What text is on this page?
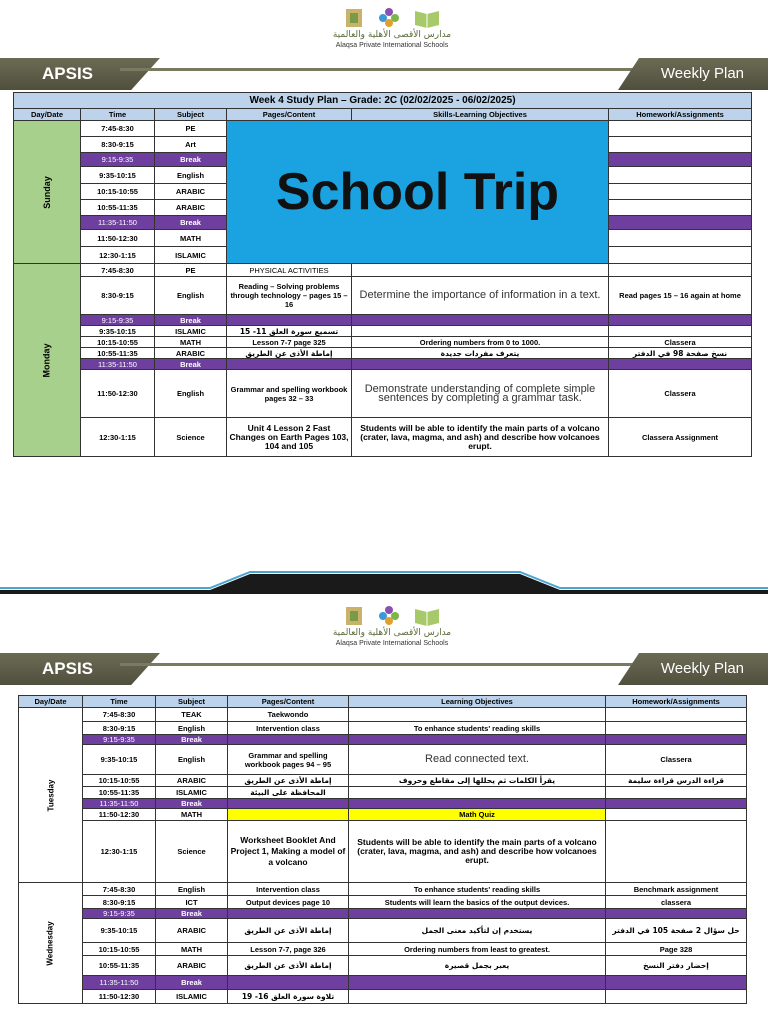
مدارس الأقصى الأهلية والعالمية
Alaqsa Private International Schools
APSIS	Weekly Plan
Week 4 Study Plan – Grade: 2C (02/02/2025 - 06/02/2025)					
Day/Date	Time	Subject	Pages/Content	Skills-Learning Objectives	Homework/Assignments
Sunday	7:45-8:30	PE	School Trip		
	8:30-9:15	Art			
	9:15-9:35	Break			
	9:35-10:15	English			
	10:15-10:55	ARABIC			
	10:55-11:35	ARABIC			
	11:35-11:50	Break			
	11:50-12:30	MATH			
	12:30-1:15	ISLAMIC			
Monday	7:45-8:30	PE	PHYSICAL ACTIVITIES		
	8:30-9:15	English	Reading – Solving problems through technology – pages 15 – 16	Determine the importance of information in a text.	Read pages 15 – 16 again at home
	9:15-9:35	Break			
	9:35-10:15	ISLAMIC	تسميع سورة العلق 11- 15		
	10:15-10:55	MATH	Lesson 7-7 page 325	Ordering numbers from 0 to 1000.	Classera
	10:55-11:35	ARABIC	إماطة الأذى عن الطريق	يتعرف مفردات جديدة	نسخ صفحة 98 في الدفتر
	11:35-11:50	Break			
	11:50-12:30	English	Grammar and spelling workbook pages 32 – 33	Demonstrate understanding of complete simple sentences by completing a grammar task.	Classera
	12:30-1:15	Science	Unit 4 Lesson 2 Fast Changes on Earth Pages 103, 104 and 105	Students will be able to identify the main parts of a volcano (crater, lava, magma, and ash) and describe how volcanoes erupt.	Classera Assignment
مدارس الأقصى الأهلية والعالمية
Alaqsa Private International Schools
APSIS	Weekly Plan
Day/Date	Time	Subject	Pages/Content	Learning Objectives	Homework/Assignments
Tuesday	7:45-8:30	TEAK	Taekwondo		
	8:30-9:15	English	Intervention class	To enhance students' reading skills	
	9:15-9:35	Break			
	9:35-10:15	English	Grammar and spelling workbook pages 94 – 95	Read connected text.	Classera
	10:15-10:55	ARABIC	إماطة الأذى عن الطريق	يقرأ الكلمات ثم يحللها إلى مقاطع وحروف	قراءة الدرس قراءة سليمة
	10:55-11:35	ISLAMIC	المحافظة على البيئة		
	11:35-11:50	Break			
	11:50-12:30	MATH		Math Quiz	
	12:30-1:15	Science	Worksheet Booklet And Project 1, Making a model of a volcano	Students will be able to identify the main parts of a volcano (crater, lava, magma, and ash) and describe how volcanoes erupt.	
Wednesday	7:45-8:30	English	Intervention class	To enhance students' reading skills	Benchmark assignment
	8:30-9:15	ICT	Output devices page 10	Students will learn the basics of the output devices.	classera
	9:15-9:35	Break			
	9:35-10:15	ARABIC	إماطة الأذى عن الطريق	يستخدم إن لتأكيد معنى الجمل	حل سؤال 2 صفحة 105 في الدفتر
	10:15-10:55	MATH	Lesson 7-7, page 326	Ordering numbers from least to greatest.	Page 328
	10:55-11:35	ARABIC	إماطة الأذى عن الطريق	يعبر بجمل قصيرة	إحضار دفتر النسخ
	11:35-11:50	Break			
	11:50-12:30	ISLAMIC	تلاوة سورة العلق 16- 19		
